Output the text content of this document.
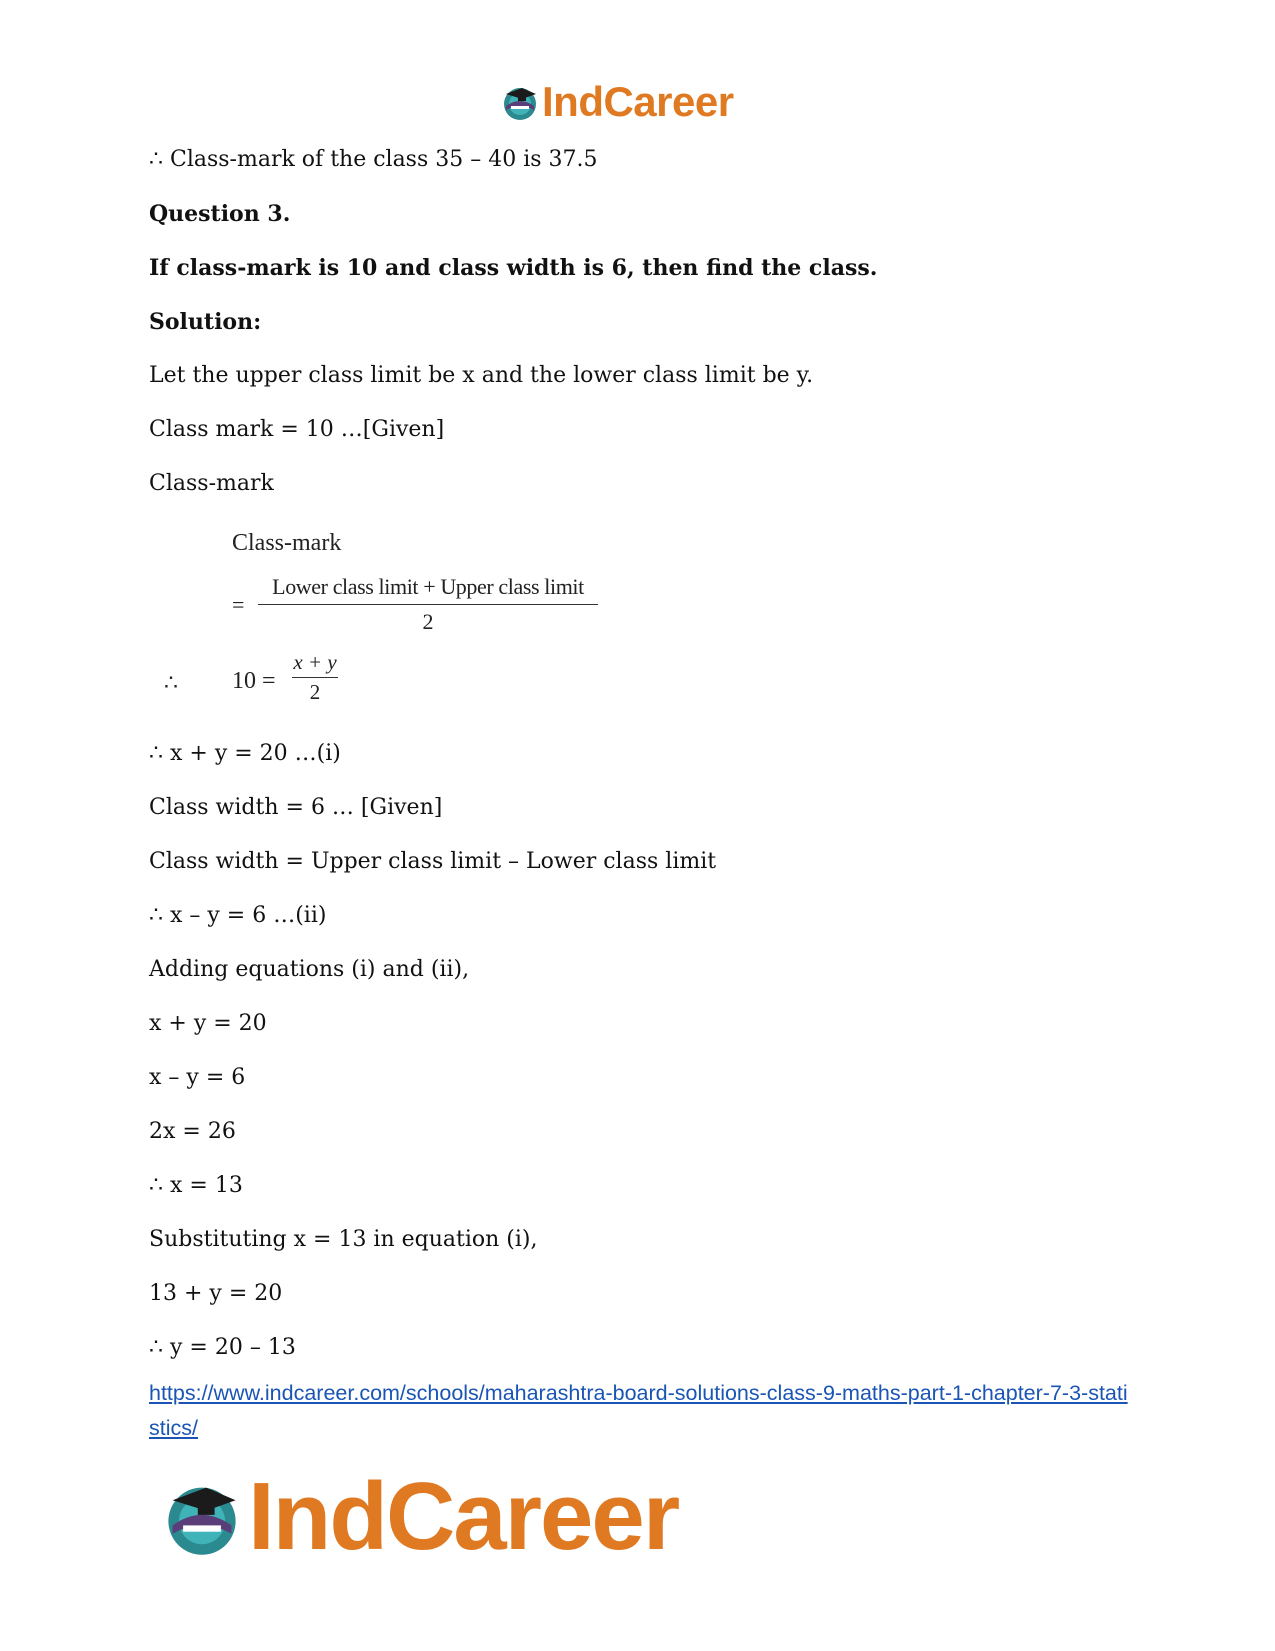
IndCareer

∴ Class-mark of the class 35 – 40 is 37.5

Question 3.

If class-mark is 10 and class width is 6, then find the class.

Solution:

Let the upper class limit be x and the lower class limit be y.

Class mark = 10 …[Given]

Class-mark

Class-mark
=
Lower class limit + Upper class limit
2
∴ $10 = \frac{x + y}{2}$

∴ x + y = 20 …(i)

Class width = 6 … [Given]

Class width = Upper class limit – Lower class limit

∴ x – y = 6 …(ii)

Adding equations (i) and (ii),

x + y = 20

x – y = 6

2x = 26

∴ x = 13

Substituting x = 13 in equation (i),

13 + y = 20

∴ y = 20 – 13

https://www.indcareer.com/schools/maharashtra-board-solutions-class-9-maths-part-1-chapter-7-3-statistics/
IndCareer
